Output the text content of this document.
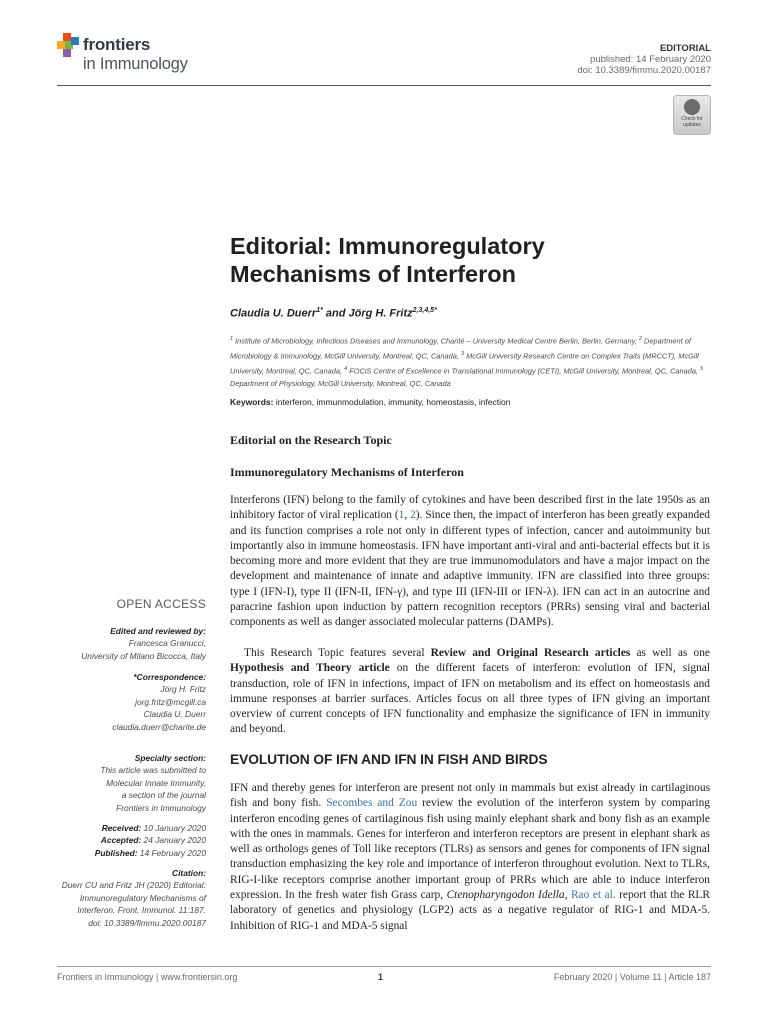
frontiers
in Immunology
EDITORIAL
published: 14 February 2020
doi: 10.3389/fimmu.2020.00187
Check for updates
Editorial: Immunoregulatory Mechanisms of Interferon
Claudia U. Duerr$^{1*}$ and Jörg H. Fritz$^{2,3,4,5*}$
$^1$ Institute of Microbiology, Infectious Diseases and Immunology, Charité – University Medical Centre Berlin, Berlin, Germany, $^2$ Department of Microbiology & Immunology, McGill University, Montreal, QC, Canada, $^3$ McGill University Research Centre on Complex Traits (MRCCT), McGill University, Montreal, QC, Canada, $^4$ FOCiS Centre of Excellence in Translational Immunology (CETI), McGill University, Montreal, QC, Canada, $^5$ Department of Physiology, McGill University, Montreal, QC, Canada
Keywords: interferon, immunmodulation, immunity, homeostasis, infection
Editorial on the Research Topic
Immunoregulatory Mechanisms of Interferon

Interferons (IFN) belong to the family of cytokines and have been described first in the late 1950s as an inhibitory factor of viral replication (1, 2). Since then, the impact of interferon has been greatly expanded and its function comprises a role not only in different types of infection, cancer and autoimmunity but importantly also in immune homeostasis. IFN have important anti-viral and anti-bacterial effects but it is becoming more and more evident that they are true immunomodulators and have a major impact on the development and maintenance of innate and adaptive immunity. IFN are classified into three groups: type I (IFN-I), type II (IFN-II, IFN-γ), and type III (IFN-III or IFN-λ). IFN can act in an autocrine and paracrine fashion upon induction by pattern recognition receptors (PRRs) sensing viral and bacterial components as well as danger associated molecular patterns (DAMPs).

This Research Topic features several Review and Original Research articles as well as one Hypothesis and Theory article on the different facets of interferon: evolution of IFN, signal transduction, role of IFN in infections, impact of IFN on metabolism and its effect on homeostasis and immune responses at barrier surfaces. Articles focus on all three types of IFN giving an important overview of current concepts of IFN functionality and emphasize the significance of IFN in immunity and beyond.

EVOLUTION OF IFN AND IFN IN FISH AND BIRDS

IFN and thereby genes for interferon are present not only in mammals but exist already in cartilaginous fish and bony fish. Secombes and Zou review the evolution of the interferon system by comparing interferon encoding genes of cartilaginous fish using mainly elephant shark and bony fish as an example with the ones in mammals. Genes for interferon and interferon receptors are present in elephant shark as well as orthologs genes of Toll like receptors (TLRs) as sensors and genes for components of IFN signal transduction emphasizing the key role and importance of interferon throughout evolution. Next to TLRs, RIG-I-like receptors comprise another important group of PRRs which are able to induce interferon expression. In the fresh water fish Grass carp, Ctenopharyngodon Idella, Rao et al. report that the RLR laboratory of genetics and physiology (LGP2) acts as a negative regulator of RIG-1 and MDA-5. Inhibition of RIG-1 and MDA-5 signal

OPEN ACCESS
Edited and reviewed by:
Francesca Granucci,
University of Milano Bicocca, Italy
*Correspondence:
Jörg H. Fritz
jorg.fritz@mcgill.ca
Claudia U. Duerr
claudia.duerr@charite.de
Specialty section:
This article was submitted to
Molecular Innate Immunity,
a section of the journal
Frontiers in Immunology
Received: 10 January 2020
Accepted: 24 January 2020
Published: 14 February 2020
Citation:
Duerr CU and Fritz JH (2020) Editorial:
Immunoregulatory Mechanisms of
Interferon. Front. Immunol. 11:187.
doi: 10.3389/fimmu.2020.00187
Frontiers in Immunology | www.frontiersin.org	1	February 2020 | Volume 11 | Article 187
